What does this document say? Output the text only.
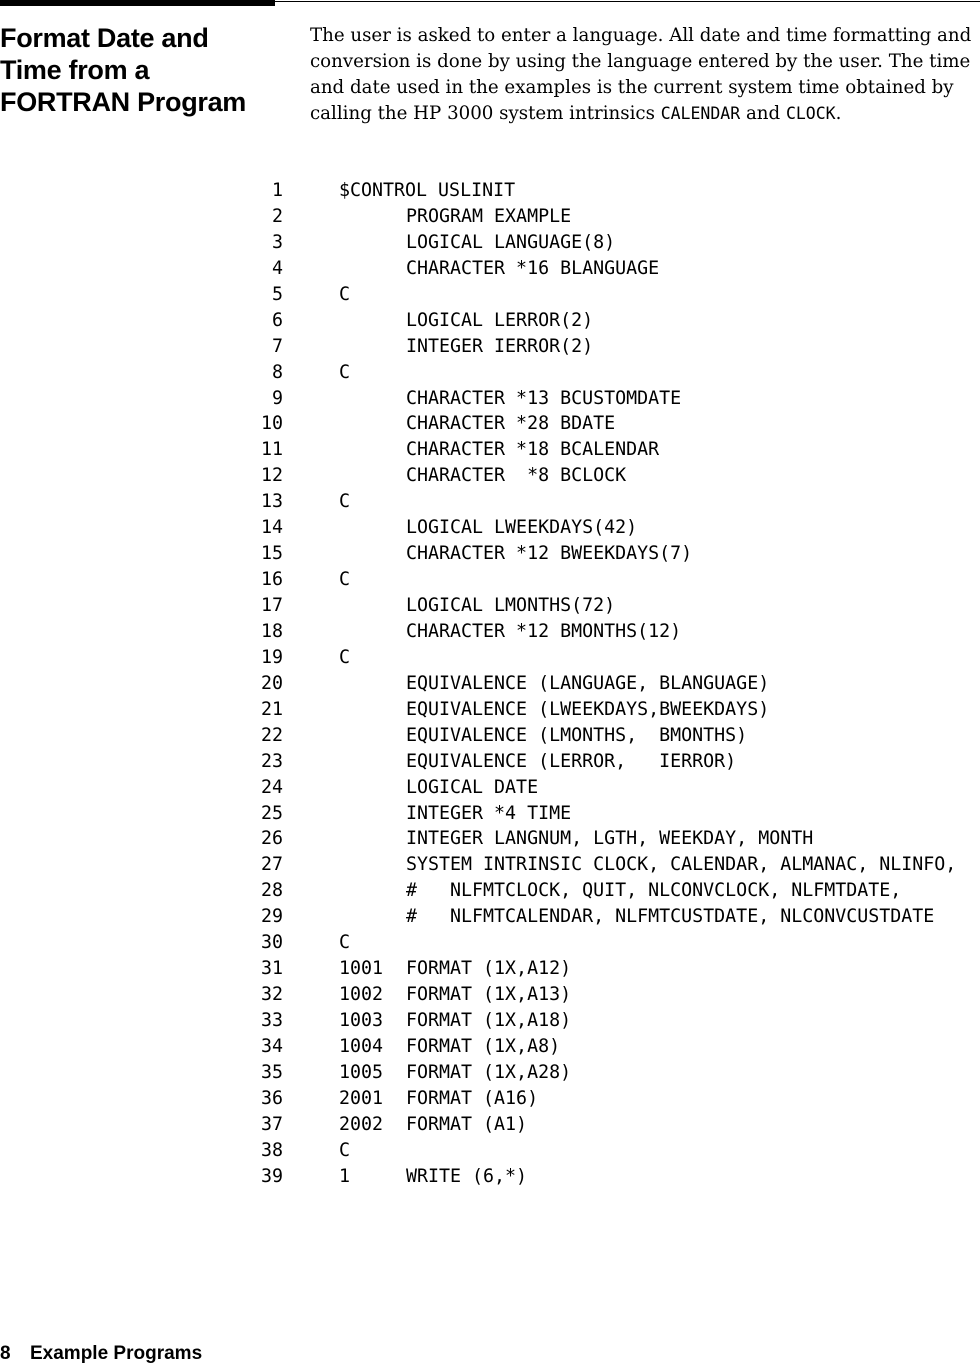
Format Date and
Time from a
FORTRAN Program
The user is asked to enter a language. All date and time formatting and conversion is done by using the language entered by the user. The time and date used in the examples is the current system time obtained by calling the HP 3000 system intrinsics CALENDAR and CLOCK.
1	$CONTROL USLINIT
2	PROGRAM EXAMPLE
3	LOGICAL LANGUAGE(8)
4	CHARACTER *16 BLANGUAGE
5	C
6	LOGICAL LERROR(2)
7	INTEGER IERROR(2)
8	C
9	CHARACTER *13 BCUSTOMDATE
10	CHARACTER *28 BDATE
11	CHARACTER *18 BCALENDAR
12	CHARACTER  *8 BCLOCK
13	C
14	LOGICAL LWEEKDAYS(42)
15	CHARACTER *12 BWEEKDAYS(7)
16	C
17	LOGICAL LMONTHS(72)
18	CHARACTER *12 BMONTHS(12)
19	C
20	EQUIVALENCE (LANGUAGE, BLANGUAGE)
21	EQUIVALENCE (LWEEKDAYS,BWEEKDAYS)
22	EQUIVALENCE (LMONTHS,  BMONTHS)
23	EQUIVALENCE (LERROR,   IERROR)
24	LOGICAL DATE
25	INTEGER *4 TIME
26	INTEGER LANGNUM, LGTH, WEEKDAY, MONTH
27	SYSTEM INTRINSIC CLOCK, CALENDAR, ALMANAC, NLINFO,
28	#   NLFMTCLOCK, QUIT, NLCONVCLOCK, NLFMTDATE,
29	#   NLFMTCALENDAR, NLFMTCUSTDATE, NLCONVCUSTDATE
30	C
31	1001 FORMAT (1X,A12)
32	1002 FORMAT (1X,A13)
33	1003 FORMAT (1X,A18)
34	1004 FORMAT (1X,A8)
35	1005 FORMAT (1X,A28)
36	2001 FORMAT (A16)
37	2002 FORMAT (A1)
38	C
39	1	WRITE (6,*)
8 Example Programs
